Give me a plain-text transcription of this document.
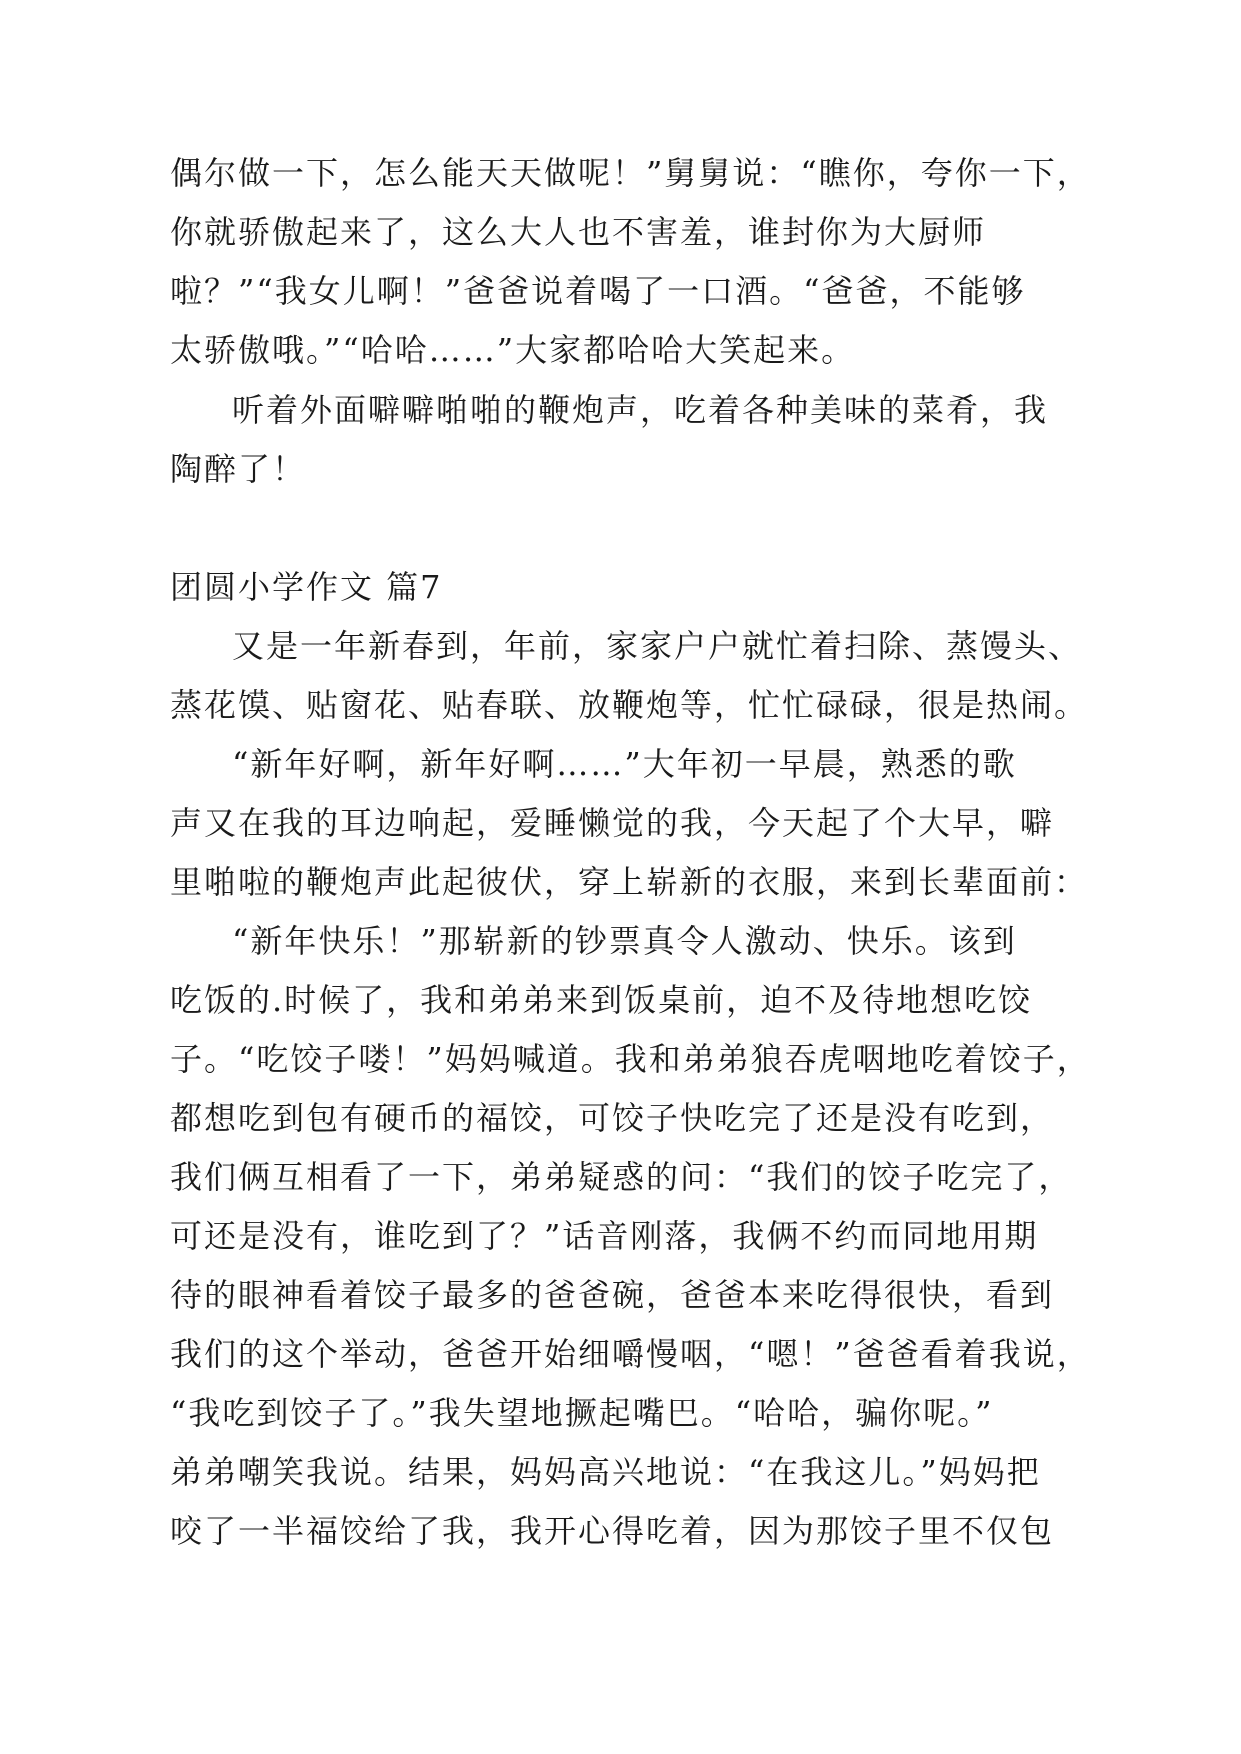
偶尔做一下，怎么能天天做呢！”舅舅说：“瞧你，夸你一下，
你就骄傲起来了，这么大人也不害羞，谁封你为大厨师
啦？”“我女儿啊！”爸爸说着喝了一口酒。“爸爸，不能够
太骄傲哦。”“哈哈……”大家都哈哈大笑起来。
听着外面噼噼啪啪的鞭炮声，吃着各种美味的菜肴，我
陶醉了！
团圆小学作文 篇7
又是一年新春到，年前，家家户户就忙着扫除、蒸馒头、
蒸花馍、贴窗花、贴春联、放鞭炮等，忙忙碌碌，很是热闹。
“新年好啊，新年好啊……”大年初一早晨，熟悉的歌
声又在我的耳边响起，爱睡懒觉的我，今天起了个大早，噼
里啪啦的鞭炮声此起彼伏，穿上崭新的衣服，来到长辈面前：
“新年快乐！”那崭新的钞票真令人激动、快乐。该到
吃饭的.时候了，我和弟弟来到饭桌前，迫不及待地想吃饺
子。“吃饺子喽！”妈妈喊道。我和弟弟狼吞虎咽地吃着饺子，
都想吃到包有硬币的福饺，可饺子快吃完了还是没有吃到，
我们俩互相看了一下，弟弟疑惑的问：“我们的饺子吃完了，
可还是没有，谁吃到了？”话音刚落，我俩不约而同地用期
待的眼神看着饺子最多的爸爸碗，爸爸本来吃得很快，看到
我们的这个举动，爸爸开始细嚼慢咽，“嗯！”爸爸看着我说，
“我吃到饺子了。”我失望地撅起嘴巴。“哈哈，骗你呢。”
弟弟嘲笑我说。结果，妈妈高兴地说：“在我这儿。”妈妈把
咬了一半福饺给了我，我开心得吃着，因为那饺子里不仅包
